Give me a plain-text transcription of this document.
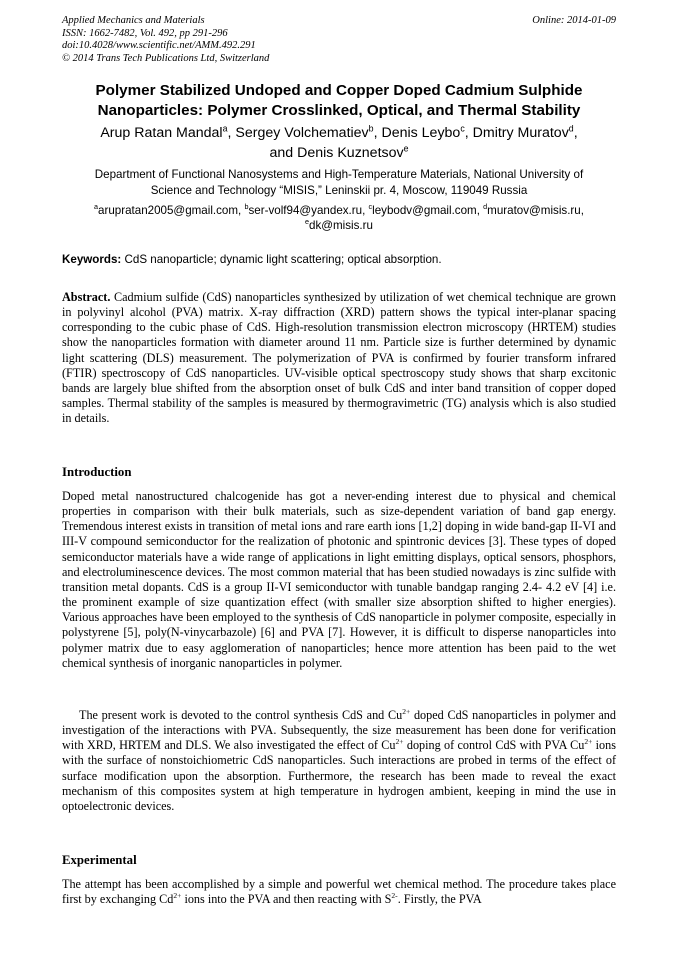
Applied Mechanics and Materials
ISSN: 1662-7482, Vol. 492, pp 291-296
doi:10.4028/www.scientific.net/AMM.492.291
© 2014 Trans Tech Publications Ltd, Switzerland
Online: 2014-01-09
Polymer Stabilized Undoped and Copper Doped Cadmium Sulphide
Nanoparticles: Polymer Crosslinked, Optical, and Thermal Stability
Arup Ratan Mandal$^a$, Sergey Volchematiev$^b$, Denis Leybo$^c$, Dmitry Muratov$^d$,
and Denis Kuznetsov$^e$
Department of Functional Nanosystems and High-Temperature Materials, National University of
Science and Technology “MISIS,” Leninskii pr. 4, Moscow, 119049 Russia
$^a$arupratan2005@gmail.com, $^b$ser-volf94@yandex.ru, $^c$leybodv@gmail.com, $^d$muratov@misis.ru,
$^e$dk@misis.ru
Keywords: CdS nanoparticle; dynamic light scattering; optical absorption.
Abstract. Cadmium sulfide (CdS) nanoparticles synthesized by utilization of wet chemical technique are grown in polyvinyl alcohol (PVA) matrix. X-ray diffraction (XRD) pattern shows the typical inter-planar spacing corresponding to the cubic phase of CdS. High-resolution transmission electron microscopy (HRTEM) studies show the nanoparticles formation with diameter around 11 nm. Particle size is further determined by dynamic light scattering (DLS) measurement. The polymerization of PVA is confirmed by fourier transform infrared (FTIR) spectroscopy of CdS nanoparticles. UV-visible optical spectroscopy study shows that sharp excitonic bands are largely blue shifted from the absorption onset of bulk CdS and inter band transition of copper doped samples. Thermal stability of the samples is measured by thermogravimetric (TG) analysis which is also studied in details.
Introduction
Doped metal nanostructured chalcogenide has got a never-ending interest due to physical and chemical properties in comparison with their bulk materials, such as size-dependent variation of band gap energy. Tremendous interest exists in transition of metal ions and rare earth ions [1,2] doping in wide band-gap II-VI and III-V compound semiconductor for the realization of photonic and spintronic devices [3]. These types of doped semiconductor materials have a wide range of applications in light emitting displays, optical sensors, phosphors, and electroluminescence devices. The most common material that has been studied nowadays is zinc sulfide with transition metal dopants. CdS is a group II-VI semiconductor with tunable bandgap ranging 2.4- 4.2 eV [4] i.e. the prominent example of size quantization effect (with smaller size absorption shifted to higher energies). Various approaches have been employed to the synthesis of CdS nanoparticle in polymer composite, especially in polystyrene [5], poly(N-vinycarbazole) [6] and PVA [7]. However, it is difficult to disperse nanoparticles into polymer matrix due to easy agglomeration of nanoparticles; hence more attention has been paid to the wet chemical synthesis of inorganic nanoparticles in polymer.
The present work is devoted to the control synthesis CdS and $Cu^{2+}$ doped CdS nanoparticles in polymer and investigation of the interactions with PVA. Subsequently, the size measurement has been done for verification with XRD, HRTEM and DLS. We also investigated the effect of $Cu^{2+}$ doping of control CdS with PVA $Cu^{2+}$ ions with the surface of nonstoichiometric CdS nanoparticles. Such interactions are probed in terms of the effect of surface modification upon the absorption. Furthermore, the research has been made to reveal the exact mechanism of this composites system at high temperature in hydrogen ambient, keeping in mind the use in optoelectronic devices.
Experimental
The attempt has been accomplished by a simple and powerful wet chemical method. The procedure takes place first by exchanging $Cd^{2+}$ ions into the PVA and then reacting with $S^{2-}$. Firstly, the PVA
